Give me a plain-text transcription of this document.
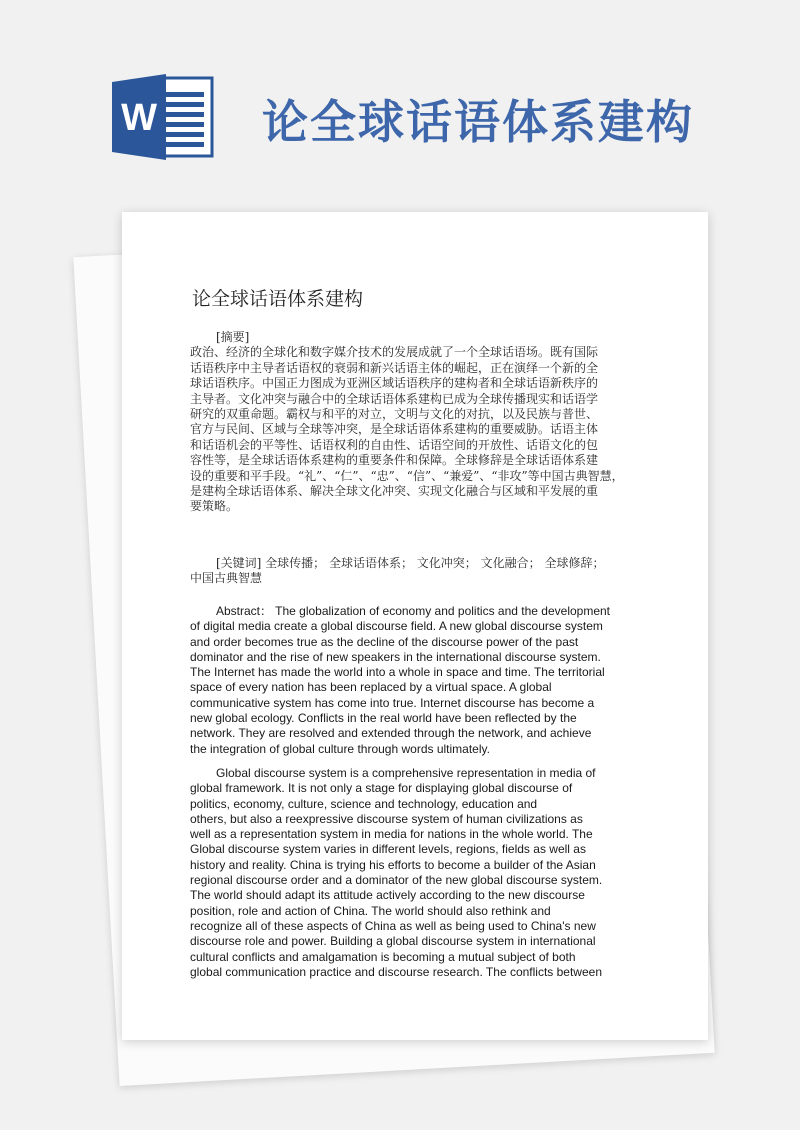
W 论全球话语体系建构
论全球话语体系建构
[摘要]
政治、经济的全球化和数字媒介技术的发展成就了一个全球话语场。既有国际
话语秩序中主导者话语权的衰弱和新兴话语主体的崛起，正在演绎一个新的全
球话语秩序。中国正力图成为亚洲区域话语秩序的建构者和全球话语新秩序的
主导者。文化冲突与融合中的全球话语体系建构已成为全球传播现实和话语学
研究的双重命题。霸权与和平的对立，文明与文化的对抗，以及民族与普世、
官方与民间、区域与全球等冲突，是全球话语体系建构的重要威胁。话语主体
和话语机会的平等性、话语权利的自由性、话语空间的开放性、话语文化的包
容性等，是全球话语体系建构的重要条件和保障。全球修辞是全球话语体系建
设的重要和平手段。“礼”、“仁”、“忠”、“信”、“兼爱”、“非攻”等中国古典智慧，
是建构全球话语体系、解决全球文化冲突、实现文化融合与区域和平发展的重
要策略。
[关键词] 全球传播； 全球话语体系； 文化冲突； 文化融合； 全球修辞；
中国古典智慧
Abstract： The globalization of economy and politics and the development
of digital media create a global discourse field. A new global discourse system
and order becomes true as the decline of the discourse power of the past
dominator and the rise of new speakers in the international discourse system.
The Internet has made the world into a whole in space and time. The territorial
space of every nation has been replaced by a virtual space. A global
communicative system has come into true. Internet discourse has become a
new global ecology. Conflicts in the real world have been reflected by the
network. They are resolved and extended through the network, and achieve
the integration of global culture through words ultimately.
Global discourse system is a comprehensive representation in media of
global framework. It is not only a stage for displaying global discourse of
politics, economy, culture, science and technology, education and
others, but also a reexpressive discourse system of human civilizations as
well as a representation system in media for nations in the whole world. The
Global discourse system varies in different levels, regions, fields as well as
history and reality. China is trying his efforts to become a builder of the Asian
regional discourse order and a dominator of the new global discourse system.
The world should adapt its attitude actively according to the new discourse
position, role and action of China. The world should also rethink and
recognize all of these aspects of China as well as being used to China's new
discourse role and power. Building a global discourse system in international
cultural conflicts and amalgamation is becoming a mutual subject of both
global communication practice and discourse research. The conflicts between
